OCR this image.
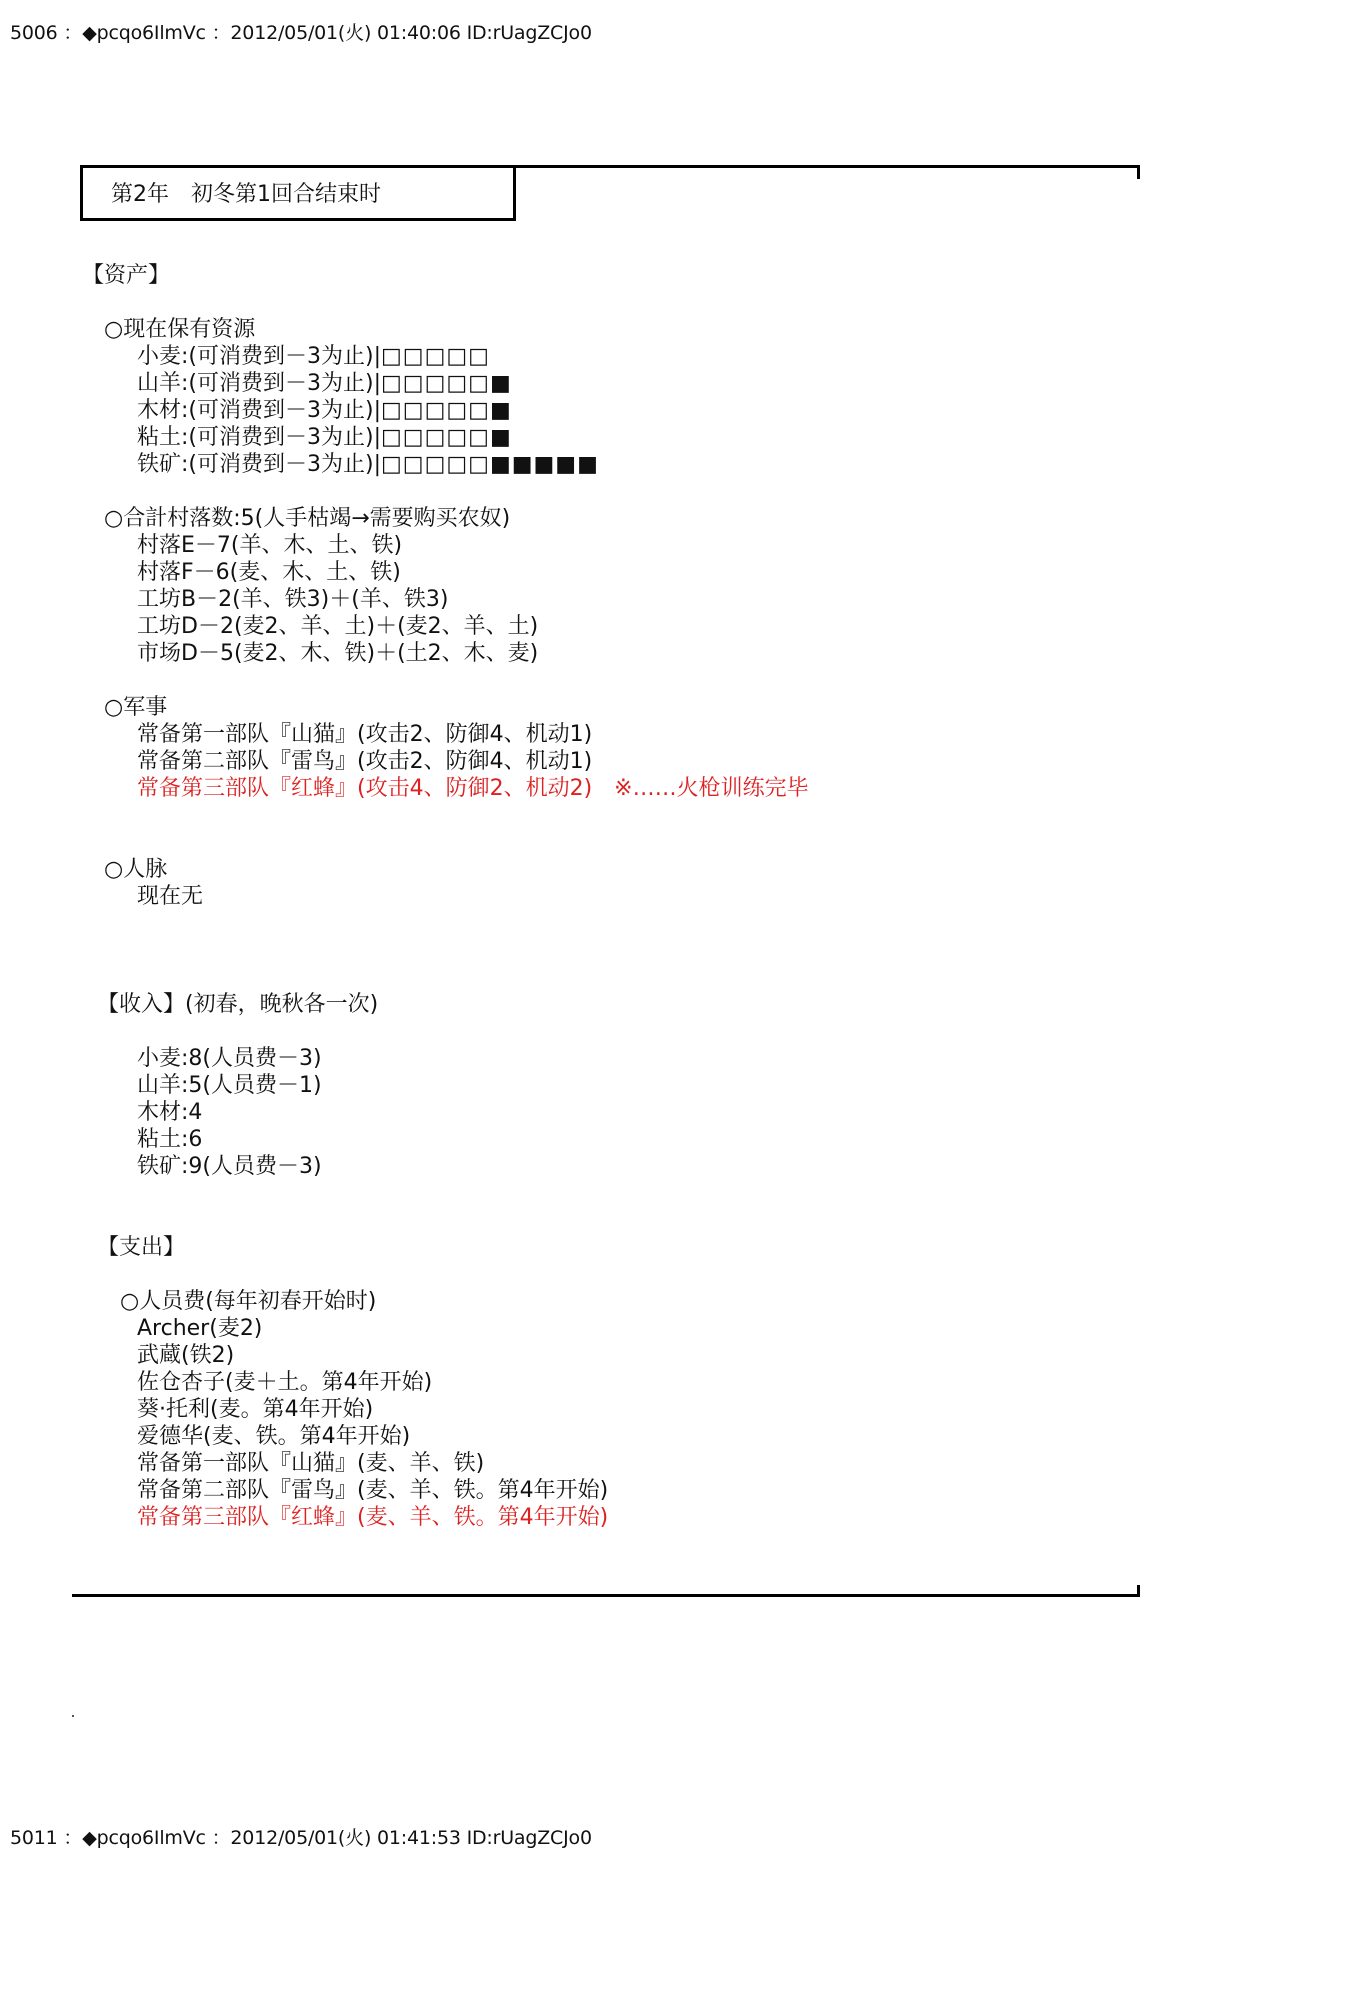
5006 ：◆pcqo6IlmVc ：2012/05/01(火) 01:40:06 ID:rUagZCJo0
第2年　初冬第1回合结束时
【资产】
○现在保有资源
小麦:(可消费到－3为止)|□□□□□
山羊:(可消费到－3为止)|□□□□□■
木材:(可消费到－3为止)|□□□□□■
粘土:(可消费到－3为止)|□□□□□■
铁矿:(可消费到－3为止)|□□□□□■■■■■
○合計村落数:5(人手枯竭→需要购买农奴)
村落E－7(羊、木、土、铁)
村落F－6(麦、木、土、铁)
工坊B－2(羊、铁3)＋(羊、铁3)
工坊D－2(麦2、羊、土)＋(麦2、羊、土)
市场D－5(麦2、木、铁)＋(土2、木、麦)
○军事
常备第一部队『山猫』(攻击2、防御4、机动1)
常备第二部队『雷鸟』(攻击2、防御4、机动1)
常备第三部队『红蜂』(攻击4、防御2、机动2)　※……火枪训练完毕
○人脉
现在无
【收入】(初春，晚秋各一次)
小麦:8(人员费－3)
山羊:5(人员费－1)
木材:4
粘土:6
铁矿:9(人员费－3)
【支出】
○人员费(每年初春开始时)
Archer(麦2)
武蔵(铁2)
佐仓杏子(麦＋土。第4年开始)
葵·托利(麦。第4年开始)
爱德华(麦、铁。第4年开始)
常备第一部队『山猫』(麦、羊、铁)
常备第二部队『雷鸟』(麦、羊、铁。第4年开始)
常备第三部队『红蜂』(麦、羊、铁。第4年开始)
5011 ：◆pcqo6IlmVc ：2012/05/01(火) 01:41:53 ID:rUagZCJo0
